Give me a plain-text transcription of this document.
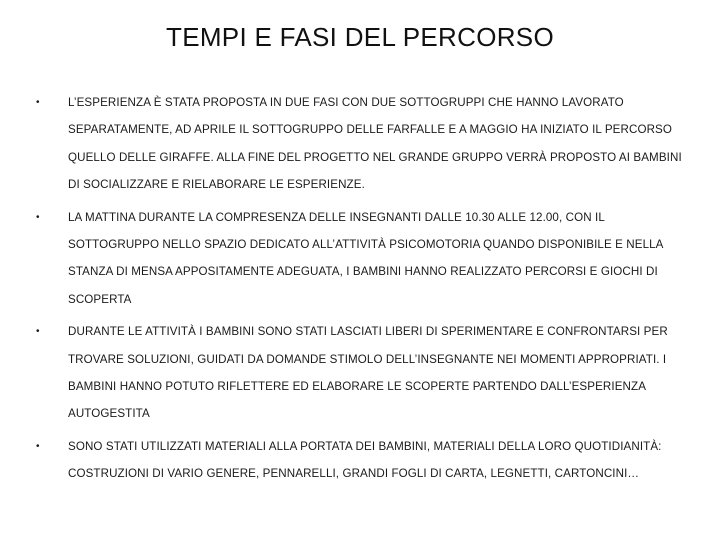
TEMPI E FASI DEL PERCORSO
•	L’ESPERIENZA È STATA PROPOSTA IN DUE FASI CON DUE SOTTOGRUPPI CHE HANNO LAVORATO SEPARATAMENTE, AD APRILE IL SOTTOGRUPPO DELLE FARFALLE E A MAGGIO HA INIZIATO IL PERCORSO QUELLO DELLE GIRAFFE. ALLA FINE DEL PROGETTO NEL GRANDE GRUPPO VERRÀ PROPOSTO AI BAMBINI DI SOCIALIZZARE E RIELABORARE LE ESPERIENZE.
•	LA MATTINA DURANTE LA COMPRESENZA DELLE INSEGNANTI DALLE 10.30 ALLE 12.00, CON IL SOTTOGRUPPO NELLO SPAZIO DEDICATO ALL’ATTIVITÀ PSICOMOTORIA QUANDO DISPONIBILE E NELLA STANZA DI MENSA APPOSITAMENTE ADEGUATA, I BAMBINI HANNO REALIZZATO PERCORSI E GIOCHI DI SCOPERTA
•	DURANTE LE ATTIVITÀ I BAMBINI SONO STATI LASCIATI LIBERI DI SPERIMENTARE E CONFRONTARSI PER TROVARE SOLUZIONI, GUIDATI DA DOMANDE STIMOLO DELL’INSEGNANTE NEI MOMENTI APPROPRIATI. I BAMBINI HANNO POTUTO RIFLETTERE ED ELABORARE LE SCOPERTE PARTENDO DALL’ESPERIENZA AUTOGESTITA
•	SONO STATI UTILIZZATI MATERIALI ALLA PORTATA DEI BAMBINI, MATERIALI DELLA LORO QUOTIDIANITÀ: COSTRUZIONI DI VARIO GENERE, PENNARELLI, GRANDI FOGLI DI CARTA, LEGNETTI, CARTONCINI…
